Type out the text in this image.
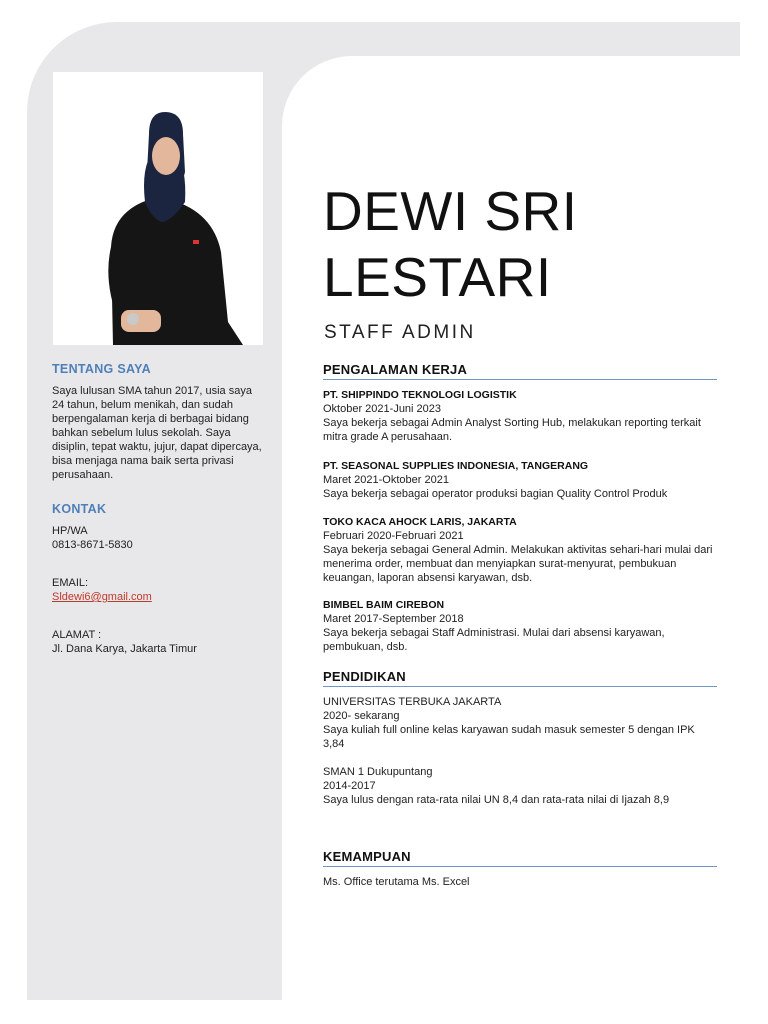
TENTANG SAYA

Saya lulusan SMA tahun 2017, usia saya 24 tahun, belum menikah, dan sudah berpengalaman kerja di berbagai bidang bahkan sebelum lulus sekolah. Saya disiplin, tepat waktu, jujur, dapat dipercaya, bisa menjaga nama baik serta privasi perusahaan.

KONTAK
HP/WA
0813-8671-5830
EMAIL:
Sldewi6@gmail.com
ALAMAT :
Jl. Dana Karya, Jakarta Timur
DEWI SRI
LESTARI
STAFF ADMIN
PENGALAMAN KERJA
PT. SHIPPINDO TEKNOLOGI LOGISTIK
Oktober 2021-Juni 2023
Saya bekerja sebagai Admin Analyst Sorting Hub, melakukan reporting terkait mitra grade A perusahaan.
PT. SEASONAL SUPPLIES INDONESIA, TANGERANG
Maret 2021-Oktober 2021
Saya bekerja sebagai operator produksi bagian Quality Control Produk
TOKO KACA AHOCK LARIS, JAKARTA
Februari 2020-Februari 2021
Saya bekerja sebagai General Admin. Melakukan aktivitas sehari-hari mulai dari menerima order, membuat dan menyiapkan surat-menyurat, pembukuan keuangan, laporan absensi karyawan, dsb.
BIMBEL BAIM CIREBON
Maret 2017-September 2018
Saya bekerja sebagai Staff Administrasi. Mulai dari absensi karyawan, pembukuan, dsb.
PENDIDIKAN
UNIVERSITAS TERBUKA JAKARTA
2020- sekarang
Saya kuliah full online kelas karyawan sudah masuk semester 5 dengan IPK 3,84
SMAN 1 Dukupuntang
2014-2017
Saya lulus dengan rata-rata nilai UN 8,4 dan rata-rata nilai di Ijazah 8,9
KEMAMPUAN
Ms. Office terutama Ms. Excel
